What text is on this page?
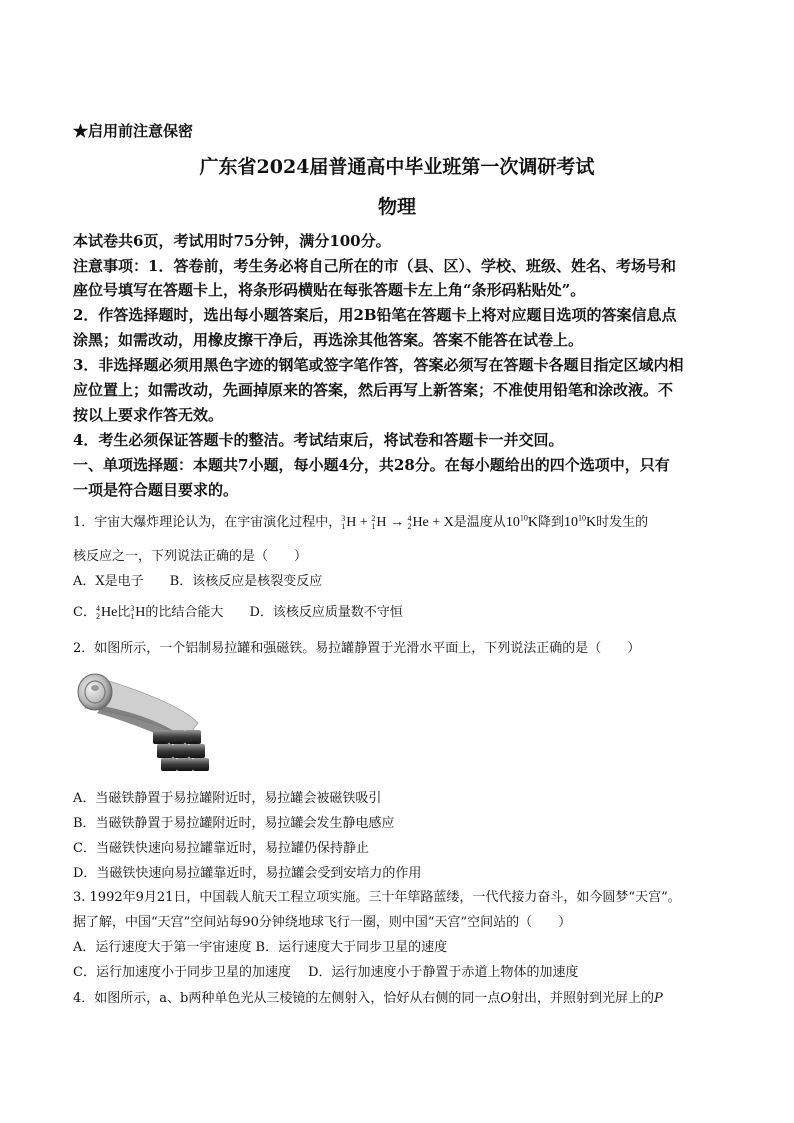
★启用前注意保密
广东省2024届普通高中毕业班第一次调研考试
物理
本试卷共6页，考试用时75分钟，满分100分。
注意事项：1．答卷前，考生务必将自己所在的市（县、区）、学校、班级、姓名、考场号和
座位号填写在答题卡上，将条形码横贴在每张答题卡左上角“条形码粘贴处”。
2．作答选择题时，选出每小题答案后，用2B铅笔在答题卡上将对应题目选项的答案信息点
涂黑；如需改动，用橡皮擦干净后，再选涂其他答案。答案不能答在试卷上。
3．非选择题必须用黑色字迹的钢笔或签字笔作答，答案必须写在答题卡各题目指定区域内相
应位置上；如需改动，先画掉原来的答案，然后再写上新答案；不准使用铅笔和涂改液。不
按以上要求作答无效。
4．考生必须保证答题卡的整洁。考试结束后，将试卷和答题卡一并交回。
一、单项选择题：本题共7小题，每小题4分，共28分。在每小题给出的四个选项中，只有
一项是符合题目要求的。
1．宇宙大爆炸理论认为，在宇宙演化过程中， 3
1 H + 2
1 H → 4
2 He + X是温度从$10^{10}K$降到$10^{10}K$时发生的
核反应之一，下列说法正确的是（　　）
A．X是电子 B．该核反应是核裂变反应
C． 4
2 He比 3
1 H的比结合能大 D．该核反应质量数不守恒
2．如图所示，一个铝制易拉罐和强磁铁。易拉罐静置于光滑水平面上，下列说法正确的是（　　）
A．当磁铁静置于易拉罐附近时，易拉罐会被磁铁吸引
B．当磁铁静置于易拉罐附近时，易拉罐会发生静电感应
C．当磁铁快速向易拉罐靠近时，易拉罐仍保持静止
D．当磁铁快速向易拉罐靠近时，易拉罐会受到安培力的作用
3. 1992年9月21日，中国载人航天工程立项实施。三十年筚路蓝缕，一代代接力奋斗，如今圆梦“天宫”。
据了解，中国“天宫”空间站每90分钟绕地球飞行一圈，则中国“天宫”空间站的（　　）
A．运行速度大于第一宇宙速度 B．运行速度大于同步卫星的速度
C．运行加速度小于同步卫星的加速度　 D．运行加速度小于静置于赤道上物体的加速度
4．如图所示，a、b两种单色光从三棱镜的左侧射入，恰好从右侧的同一点O射出，并照射到光屏上的P
